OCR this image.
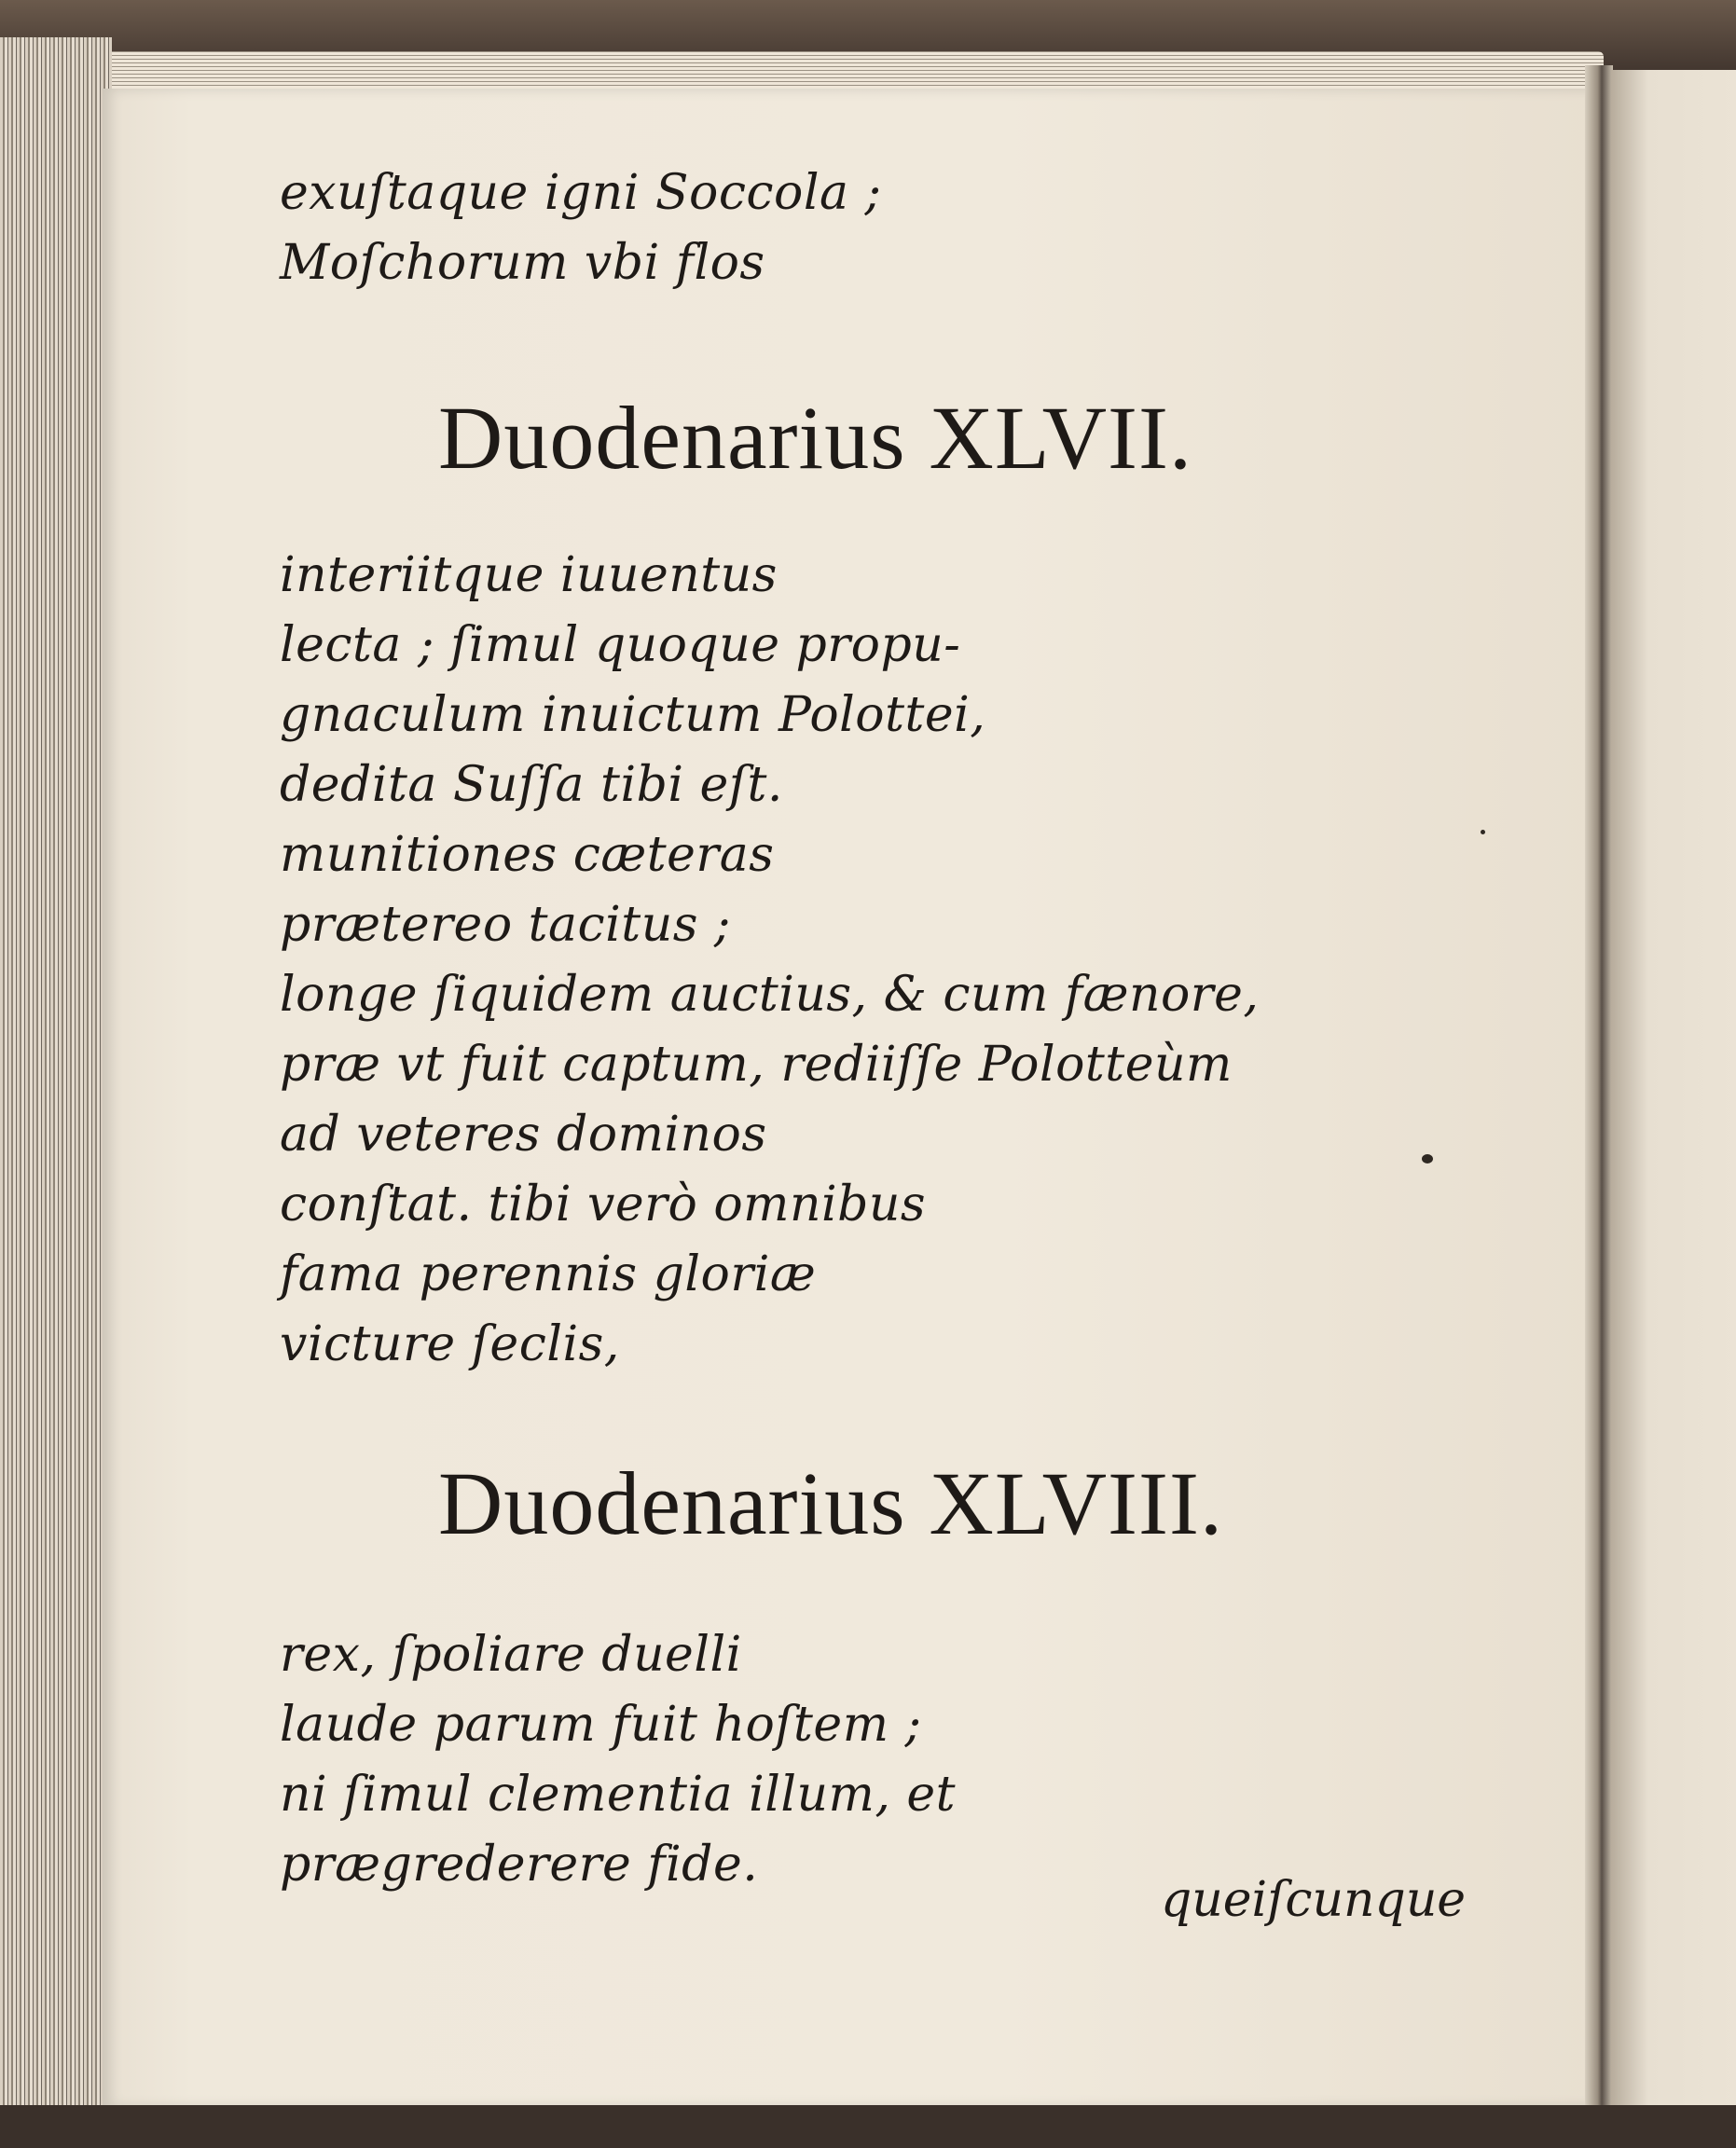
exuſtaque igni Soccola ;

Moſchorum vbi flos

Duodenarius XLVII.

interiitque iuuentus

lecta ; ſimul quoque propu-

gnaculum inuictum Polottei,

dedita Suſſa tibi eſt.

munitiones cæteras

prætereo tacitus ;

longe ſiquidem auctius, & cum fænore,

præ vt fuit captum, rediiſſe Polotteùm

ad veteres dominos

conſtat. tibi verò omnibus

fama perennis gloriæ

victure ſeclis,

Duodenarius XLVIII.

rex, ſpoliare duelli

laude parum fuit hoſtem ;

ni ſimul clementia illum, et

prægrederere fide.

queiſcunque
